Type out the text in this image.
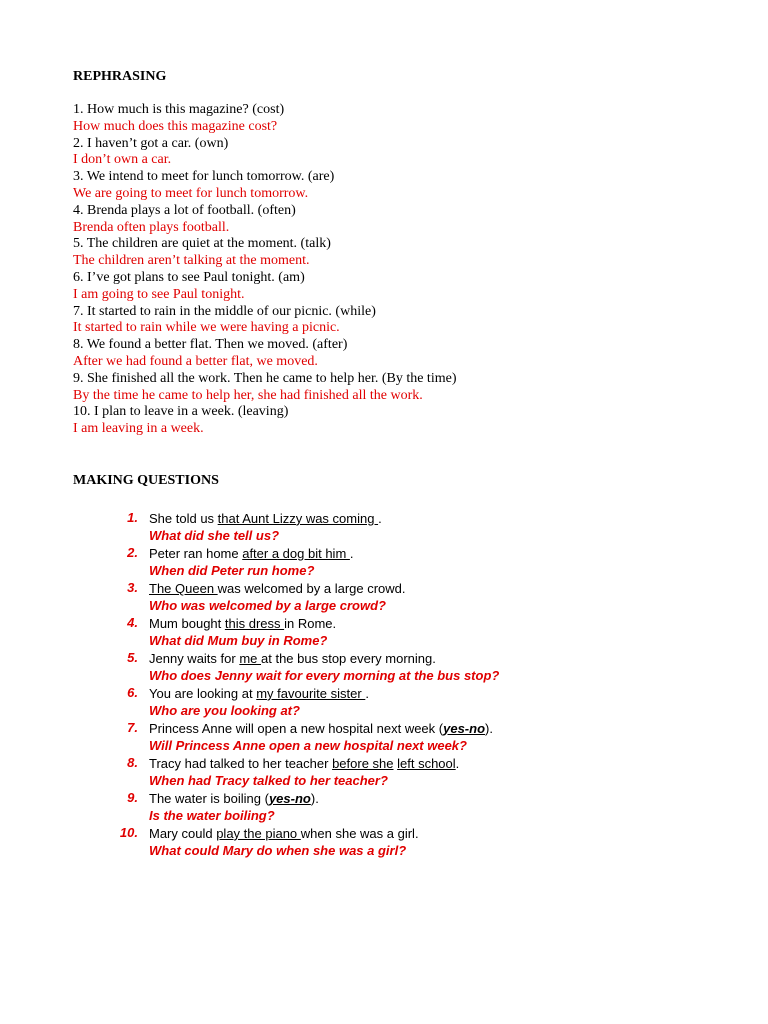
REPHRASING
1. How much is this magazine? (cost)
How much does this magazine cost?
2. I haven’t got a car. (own)
I don’t own a car.
3. We intend to meet for lunch tomorrow. (are)
We are going to meet for lunch tomorrow.
4. Brenda plays a lot of football. (often)
Brenda often plays football.
5. The children are quiet at the moment. (talk)
The children aren’t talking at the moment.
6. I’ve got plans to see Paul tonight. (am)
I am going to see Paul tonight.
7. It started to rain in the middle of our picnic. (while)
It started to rain while we were having a picnic.
8. We found a better flat. Then we moved. (after)
After we had found a better flat, we moved.
9. She finished all the work. Then he came to help her. (By the time)
By the time he came to help her, she had finished all the work.
10. I plan to leave in a week. (leaving)
I am leaving in a week.
MAKING QUESTIONS
1. She told us that Aunt Lizzy was coming .
What did she tell us?
2. Peter ran home after a dog bit him .
When did Peter run home?
3. The Queen was welcomed by a large crowd.
Who was welcomed by a large crowd?
4. Mum bought this dress in Rome.
What did Mum buy in Rome?
5. Jenny waits for me at the bus stop every morning.
Who does Jenny wait for every morning at the bus stop?
6. You are looking at my favourite sister .
Who are you looking at?
7. Princess Anne will open a new hospital next week (yes-no).
Will Princess Anne open a new hospital next week?
8. Tracy had talked to her teacher before she left school.
When had Tracy talked to her teacher?
9. The water is boiling (yes-no).
Is the water boiling?
10. Mary could play the piano when she was a girl.
What could Mary do when she was a girl?
